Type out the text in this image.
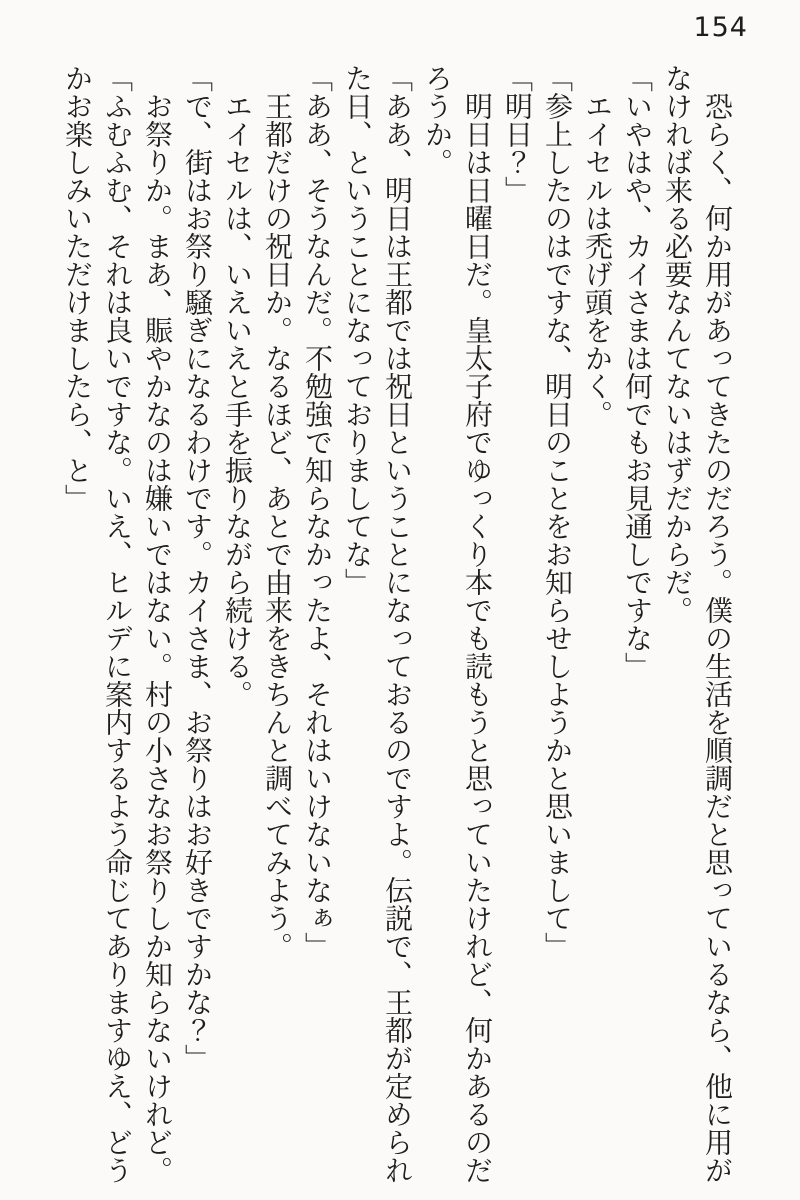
154

恐らく、何か用があってきたのだろう。僕の生活を順調だと思っているなら、他に用がなければ来る必要なんてないはずだからだ。

「いやはや、カイさまは何でもお見通しですな」

エイセルは禿げ頭をかく。

「参上したのはですな、明日のことをお知らせしようかと思いまして」

「明日？」

明日は日曜日だ。皇太子府でゆっくり本でも読もうと思っていたけれど、何かあるのだろうか。

「ああ、明日は王都では祝日ということになっておるのですよ。伝説で、王都が定められた日、ということになっておりましてな」

「ああ、そうなんだ。不勉強で知らなかったよ、それはいけないなぁ」

王都だけの祝日か。なるほど、あとで由来をきちんと調べてみよう。

エイセルは、いえいえと手を振りながら続ける。

「で、街はお祭り騒ぎになるわけです。カイさま、お祭りはお好きですかな？」

お祭りか。まあ、賑やかなのは嫌いではない。村の小さなお祭りしか知らないけれど。

「ふむふむ、それは良いですな。いえ、ヒルデに案内するよう命じてありますゆえ、どうかお楽しみいただけましたら、と」
